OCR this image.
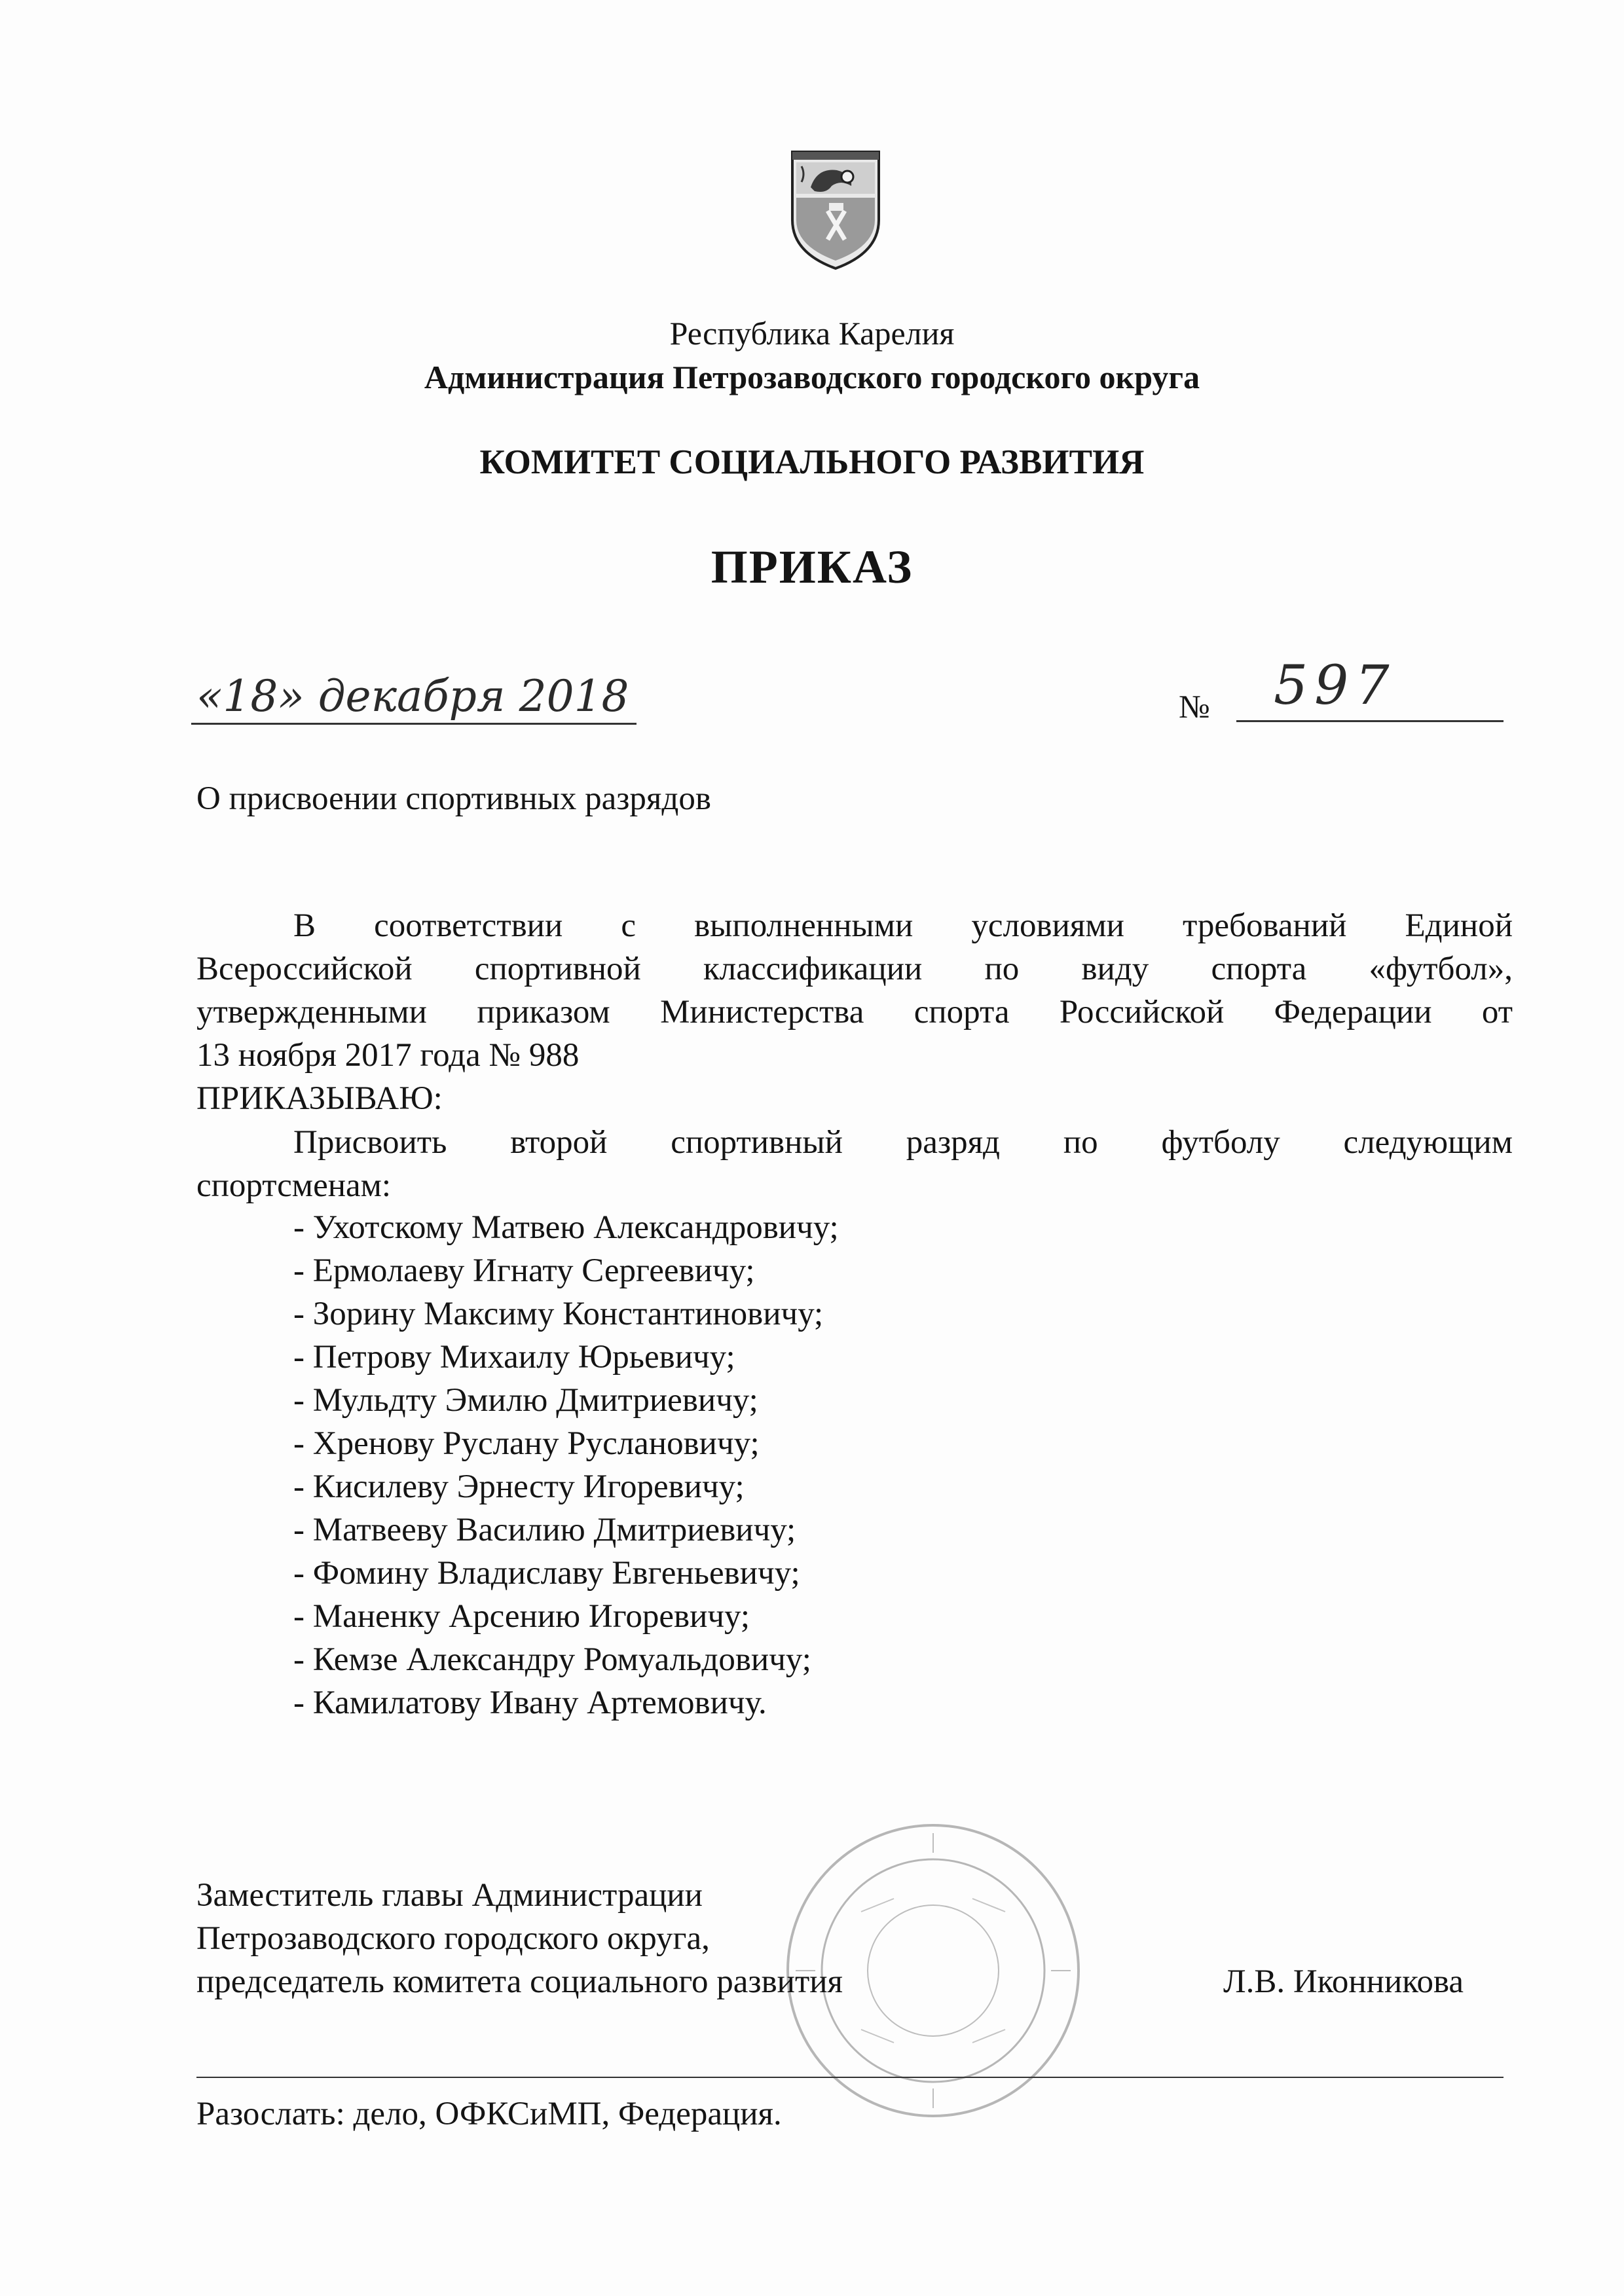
Республика Карелия
Администрация Петрозаводского городского округа
КОМИТЕТ СОЦИАЛЬНОГО РАЗВИТИЯ
ПРИКАЗ
«18» декабря 2018	№ 597
О присвоении спортивных разрядов
В соответствии с выполненными условиями требований Единой
Всероссийской спортивной классификации по виду спорта «футбол»,
утвержденными приказом Министерства спорта Российской Федерации от
13 ноября 2017 года № 988
ПРИКАЗЫВАЮ:
Присвоить второй спортивный разряд по футболу следующим
спортсменам:
- Ухотскому Матвею Александровичу;
- Ермолаеву Игнату Сергеевичу;
- Зорину Максиму Константиновичу;
- Петрову Михаилу Юрьевичу;
- Мульдту Эмилю Дмитриевичу;
- Хренову Руслану Руслановичу;
- Кисилеву Эрнесту Игоревичу;
- Матвееву Василию Дмитриевичу;
- Фомину Владиславу Евгеньевичу;
- Маненку Арсению Игоревичу;
- Кемзе Александру Ромуальдовичу;
- Камилатову Ивану Артемовичу.
Заместитель главы Администрации
Петрозаводского городского округа,
председатель комитета социального развития	Л.В. Иконникова
Разослать: дело, ОФКСиМП, Федерация.
